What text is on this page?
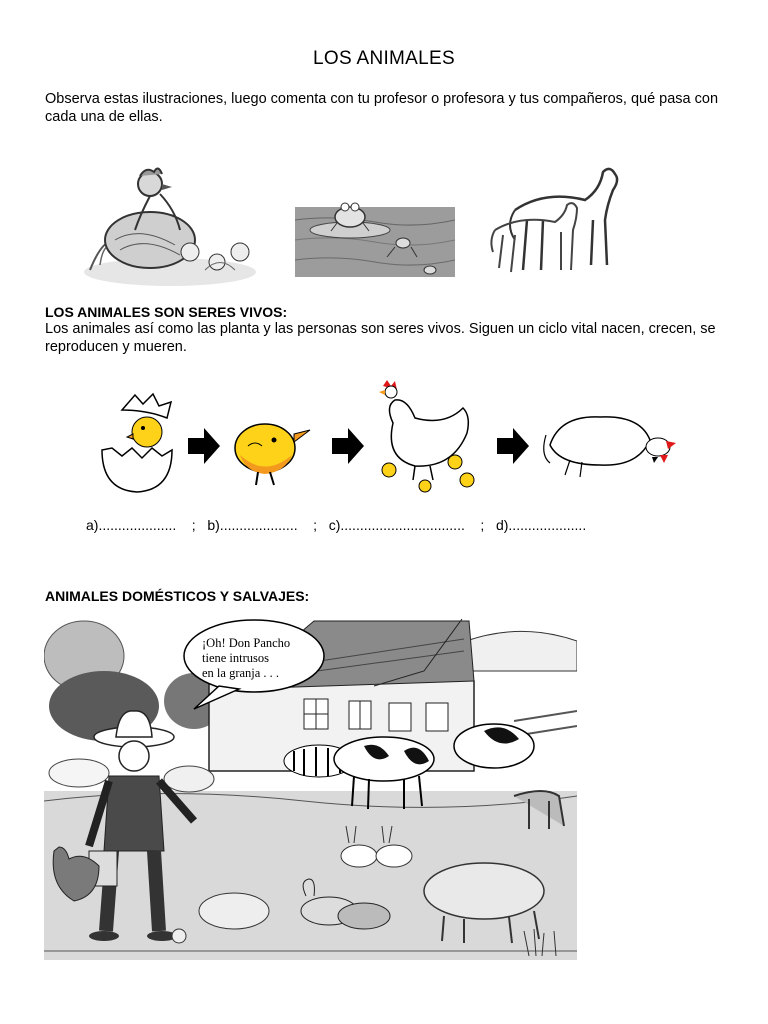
LOS ANIMALES
Observa estas ilustraciones, luego comenta con tu profesor o profesora y tus compañeros, qué pasa con cada una de ellas.
LOS ANIMALES SON SERES VIVOS:
Los animales así como las planta y las personas son seres vivos. Siguen un ciclo vital nacen, crecen, se reproducen y mueren.
a)....................    ;   b)....................    ;   c)................................    ;   d)....................
ANIMALES DOMÉSTICOS Y SALVAJES:
¡Oh! Don Pancho
tiene intrusos
en la granja . . .
